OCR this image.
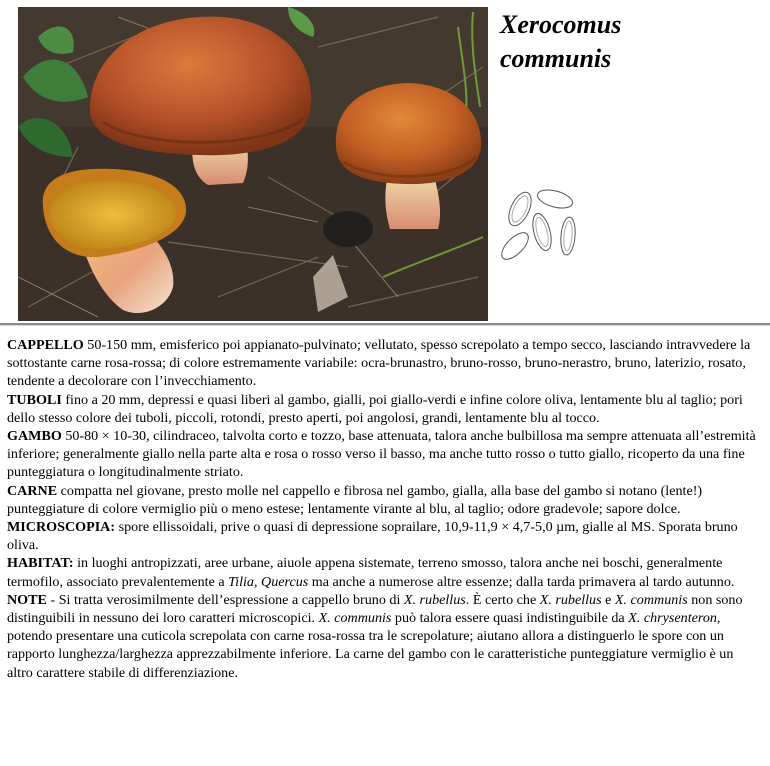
Xerocomus
communis

CAPPELLO 50-150 mm, emisferico poi appianato-pulvinato; vellutato, spesso screpolato a tempo secco, lasciando intravvedere la sottostante carne rosa-rossa; di colore estremamente variabile: ocra-brunastro, bruno-rosso, bruno-nerastro, bruno, laterizio, rosato, tendente a decolorare con l’invecchiamento.

TUBOLI fino a 20 mm, depressi e quasi liberi al gambo, gialli, poi giallo-verdi e infine colore oliva, lentamente blu al taglio; pori dello stesso colore dei tuboli, piccoli, rotondi, presto aperti, poi angolosi, grandi, lentamente blu al tocco.

GAMBO 50-80 × 10-30, cilindraceo, talvolta corto e tozzo, base attenuata, talora anche bulbillosa ma sempre attenuata all’estremità inferiore; generalmente giallo nella parte alta e rosa o rosso verso il basso, ma anche tutto rosso o tutto giallo, ricoperto da una fine punteggiatura o longitudinalmente striato.

CARNE compatta nel giovane, presto molle nel cappello e fibrosa nel gambo, gialla, alla base del gambo si notano (lente!) punteggiature di colore vermiglio più o meno estese; lentamente virante al blu, al taglio; odore gradevole; sapore dolce.

MICROSCOPIA: spore ellissoidali, prive o quasi di depressione soprailare, 10,9-11,9 × 4,7-5,0 µm, gialle al MS. Sporata bruno oliva.

HABITAT: in luoghi antropizzati, aree urbane, aiuole appena sistemate, terreno smosso, talora anche nei boschi, generalmente termofilo, associato prevalentemente a Tilia, Quercus ma anche a numerose altre essenze; dalla tarda primavera al tardo autunno.

NOTE - Si tratta verosimilmente dell’espressione a cappello bruno di X. rubellus. È certo che X. rubellus e X. communis non sono distinguibili in nessuno dei loro caratteri microscopici. X. communis può talora essere quasi indistinguibile da X. chrysenteron, potendo presentare una cuticola screpolata con carne rosa-rossa tra le screpolature; aiutano allora a distinguerlo le spore con un rapporto lunghezza/larghezza apprezzabilmente inferiore. La carne del gambo con le caratteristiche punteggiature vermiglio è un altro carattere stabile di differenziazione.
